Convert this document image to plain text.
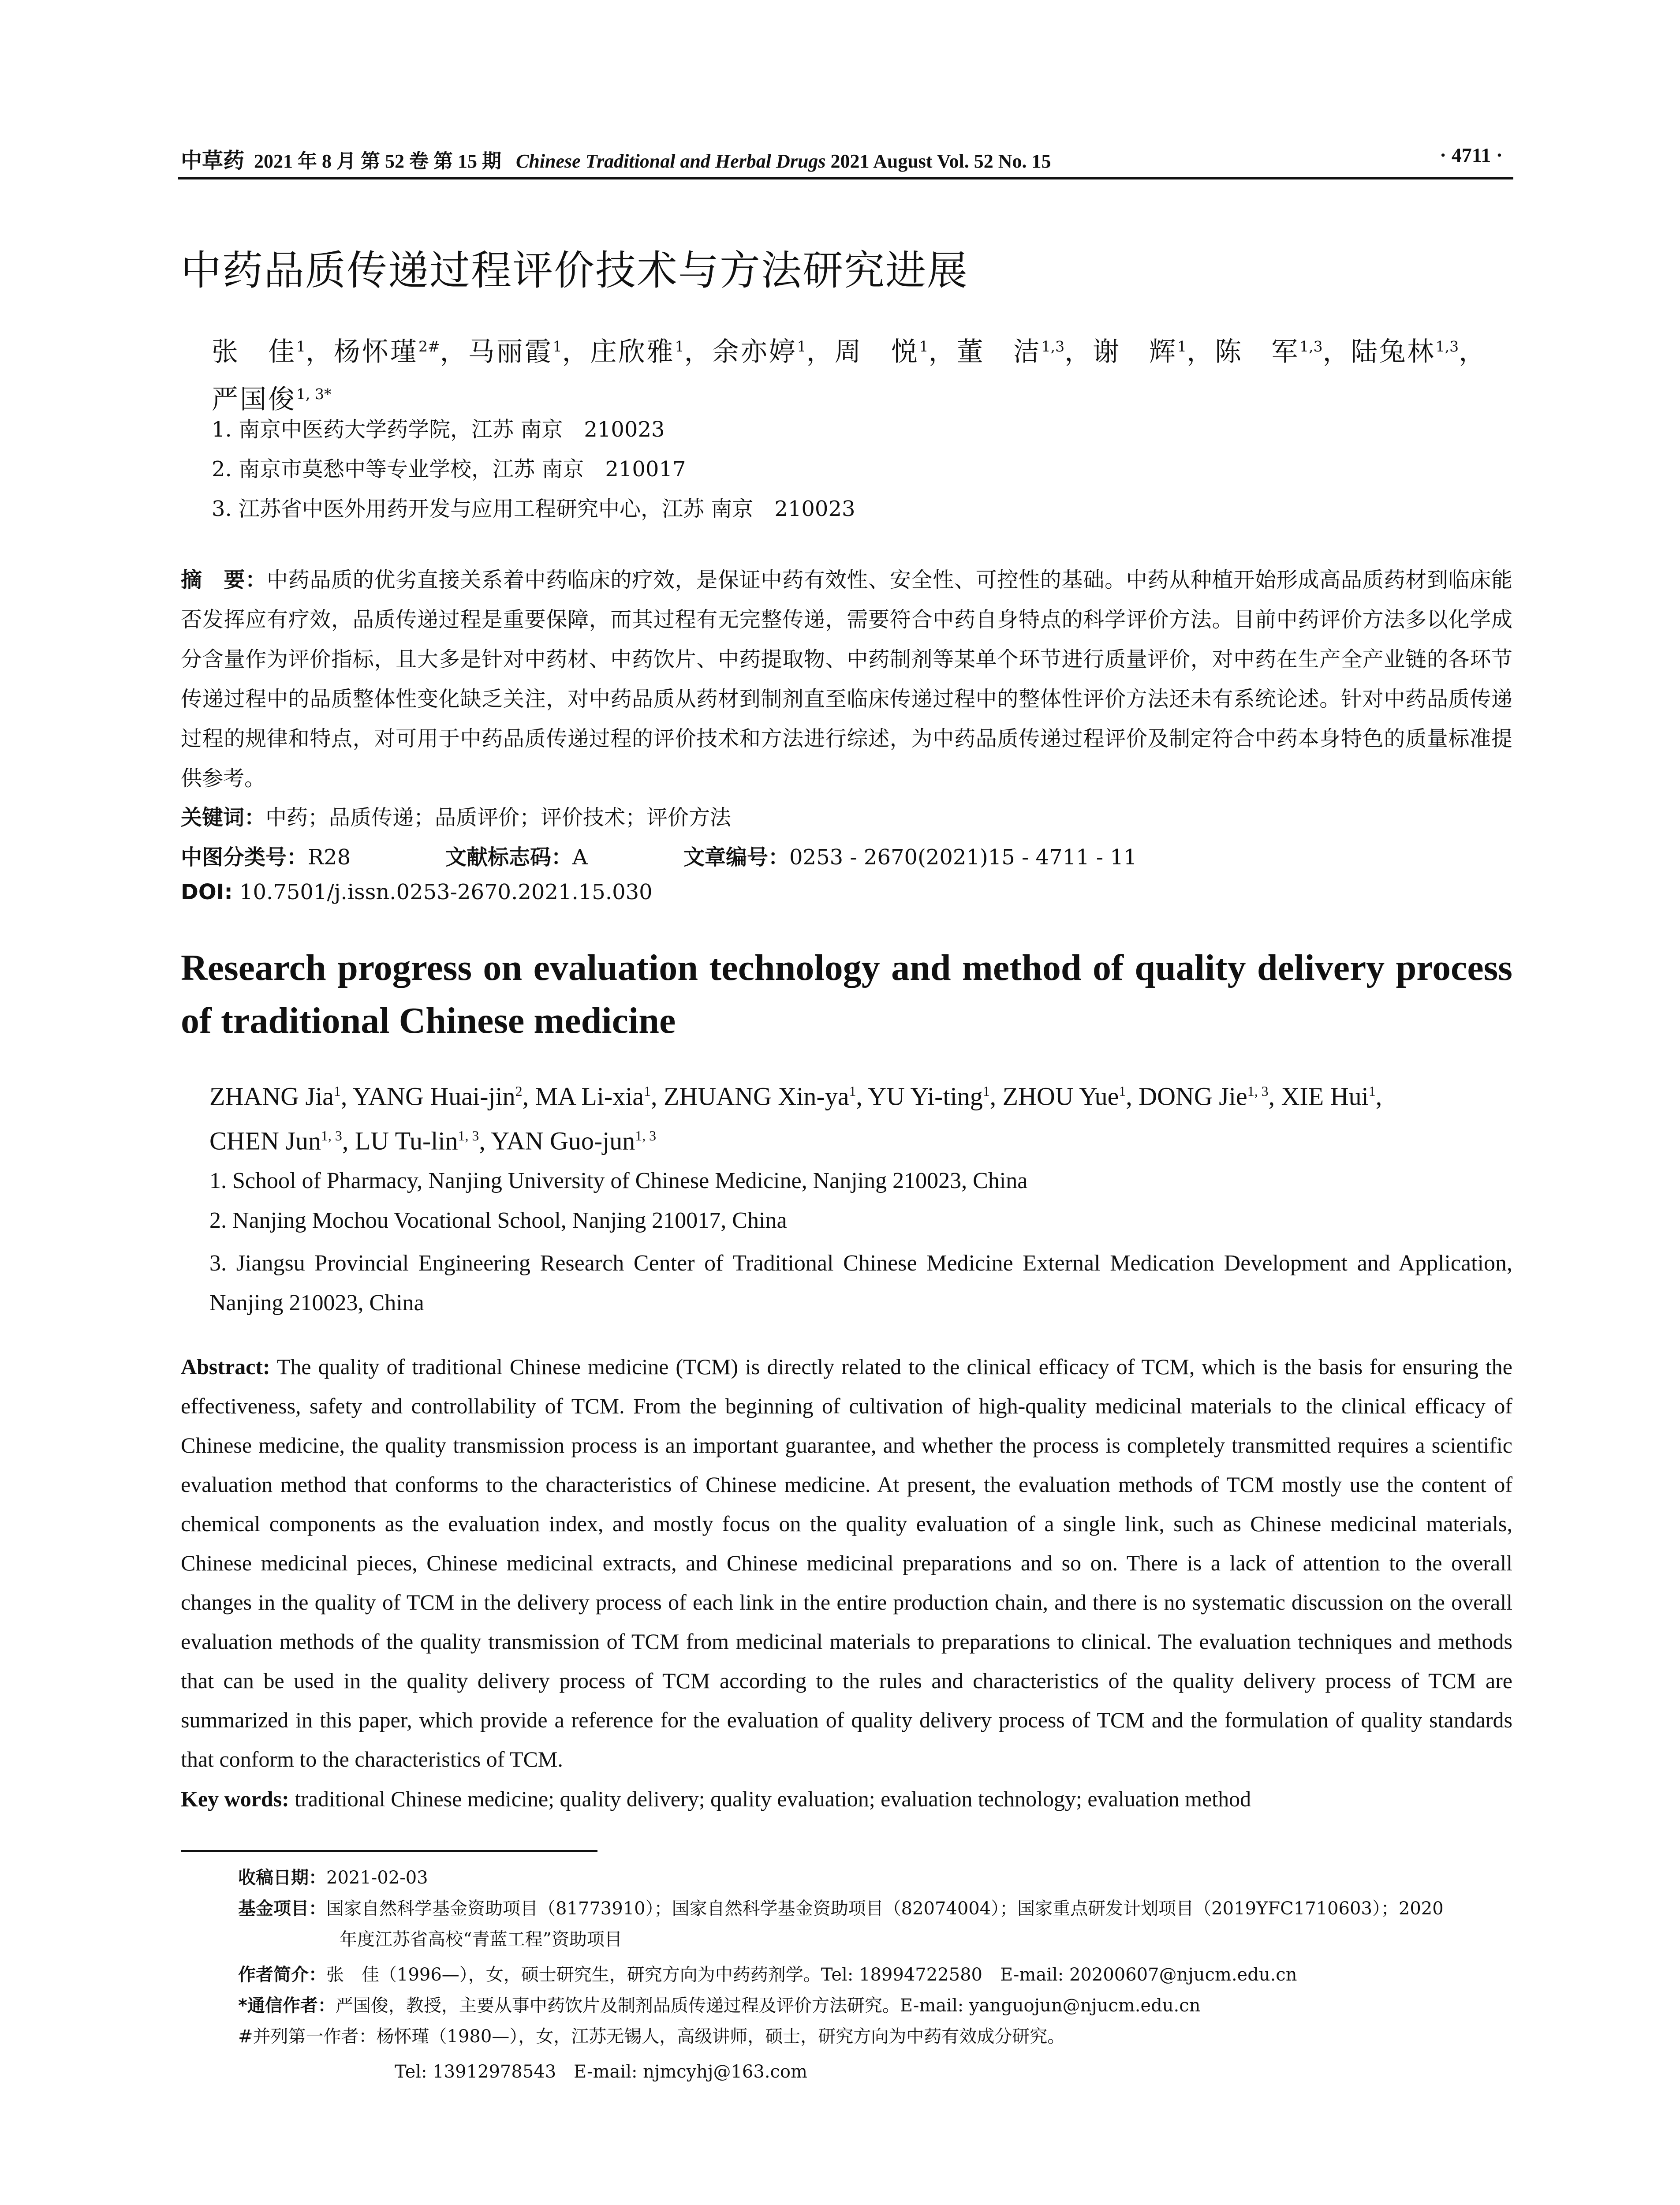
中草药 2021 年 8 月 第 52 卷 第 15 期 Chinese Traditional and Herbal Drugs 2021 August Vol. 52 No. 15	· 4711 ·
中药品质传递过程评价技术与方法研究进展
张　佳$^1$，杨怀瑾$^{2\#}$，马丽霞$^1$，庄欣雅$^1$，余亦婷$^1$，周　悦$^1$，董　洁$^{1,3}$，谢　辉$^1$，陈　军$^{1,3}$，陆兔林$^{1,3}$，
严国俊$^{1, 3*}$
1. 南京中医药大学药学院，江苏 南京　210023
2. 南京市莫愁中等专业学校，江苏 南京　210017
3. 江苏省中医外用药开发与应用工程研究中心，江苏 南京　210023
摘　要：中药品质的优劣直接关系着中药临床的疗效，是保证中药有效性、安全性、可控性的基础。中药从种植开始形成高品质药材到临床能否发挥应有疗效，品质传递过程是重要保障，而其过程有无完整传递，需要符合中药自身特点的科学评价方法。目前中药评价方法多以化学成分含量作为评价指标，且大多是针对中药材、中药饮片、中药提取物、中药制剂等某单个环节进行质量评价，对中药在生产全产业链的各环节传递过程中的品质整体性变化缺乏关注，对中药品质从药材到制剂直至临床传递过程中的整体性评价方法还未有系统论述。针对中药品质传递过程的规律和特点，对可用于中药品质传递过程的评价技术和方法进行综述，为中药品质传递过程评价及制定符合中药本身特色的质量标准提供参考。
关键词：中药；品质传递；品质评价；评价技术；评价方法
中图分类号：R28	文献标志码：A	文章编号：0253 - 2670(2021)15 - 4711 - 11
DOI: 10.7501/j.issn.0253-2670.2021.15.030
Research progress on evaluation technology and method of quality delivery process of traditional Chinese medicine
ZHANG Jia$^1$, YANG Huai-jin$^2$, MA Li-xia$^1$, ZHUANG Xin-$ya^1$, YU Yi-ting$^1$, ZHOU Yue$^1$, DONG Jie$^{1, 3}$, XIE Hui$^1$,
CHEN Jun$^{1, 3}$, LU Tu-lin$^{1, 3}$, YAN Guo-jun$^{1, 3}$
1. School of Pharmacy, Nanjing University of Chinese Medicine, Nanjing 210023, China
2. Nanjing Mochou Vocational School, Nanjing 210017, China
3. Jiangsu Provincial Engineering Research Center of Traditional Chinese Medicine External Medication Development and Application, Nanjing 210023, China
Abstract: The quality of traditional Chinese medicine (TCM) is directly related to the clinical efficacy of TCM, which is the basis for ensuring the effectiveness, safety and controllability of TCM. From the beginning of cultivation of high-quality medicinal materials to the clinical efficacy of Chinese medicine, the quality transmission process is an important guarantee, and whether the process is completely transmitted requires a scientific evaluation method that conforms to the characteristics of Chinese medicine. At present, the evaluation methods of TCM mostly use the content of chemical components as the evaluation index, and mostly focus on the quality evaluation of a single link, such as Chinese medicinal materials, Chinese medicinal pieces, Chinese medicinal extracts, and Chinese medicinal preparations and so on. There is a lack of attention to the overall changes in the quality of TCM in the delivery process of each link in the entire production chain, and there is no systematic discussion on the overall evaluation methods of the quality transmission of TCM from medicinal materials to preparations to clinical. The evaluation techniques and methods that can be used in the quality delivery process of TCM according to the rules and characteristics of the quality delivery process of TCM are summarized in this paper, which provide a reference for the evaluation of quality delivery process of TCM and the formulation of quality standards that conform to the characteristics of TCM.
Key words: traditional Chinese medicine; quality delivery; quality evaluation; evaluation technology; evaluation method
收稿日期：2021-02-03
基金项目：国家自然科学基金资助项目（81773910）；国家自然科学基金资助项目（82074004）；国家重点研发计划项目（2019YFC1710603）；2020
年度江苏省高校“青蓝工程”资助项目
作者简介：张　佳（1996—），女，硕士研究生，研究方向为中药药剂学。Tel: 18994722580　E-mail: 20200607@njucm.edu.cn
*通信作者：严国俊，教授，主要从事中药饮片及制剂品质传递过程及评价方法研究。E-mail: yanguojun@njucm.edu.cn
#并列第一作者：杨怀瑾（1980—），女，江苏无锡人，高级讲师，硕士，研究方向为中药有效成分研究。
Tel: 13912978543　E-mail: njmcyhj@163.com
